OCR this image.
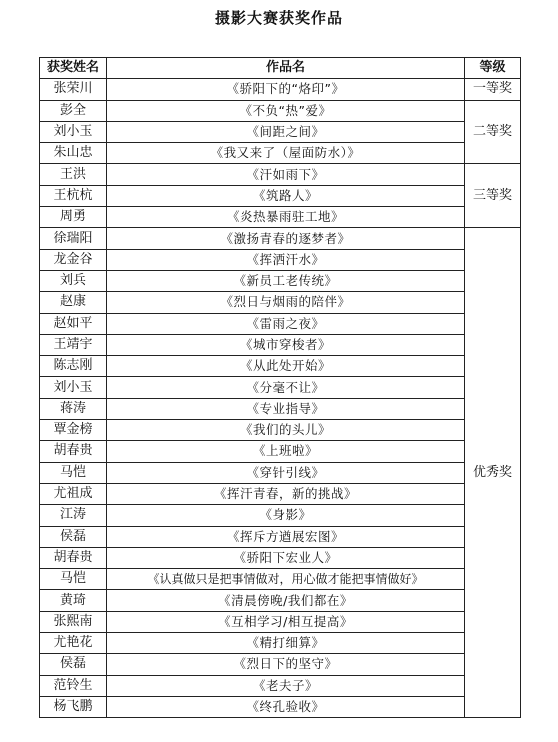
摄影大赛获奖作品
获奖姓名	作品名	等级
张荣川	《骄阳下的“烙印”》	一等奖
彭全	《不负“热”爱》	二等奖
刘小玉	《间距之间》	
朱山忠	《我又来了（屋面防水）》	
王洪	《汗如雨下》	三等奖
王杭杭	《筑路人》	
周勇	《炎热暴雨驻工地》	
徐瑞阳	《激扬青春的逐梦者》	优秀奖
龙金谷	《挥洒汗水》	
刘兵	《新员工老传统》	
赵康	《烈日与烟雨的陪伴》	
赵如平	《雷雨之夜》	
王靖宇	《城市穿梭者》	
陈志刚	《从此处开始》	
刘小玉	《分毫不让》	
蒋涛	《专业指导》	
覃金榜	《我们的头儿》	
胡春贵	《上班啦》	
马恺	《穿针引线》	
尤祖成	《挥汗青春，新的挑战》	
江涛	《身影》	
侯磊	《挥斥方遒展宏图》	
胡春贵	《骄阳下宏业人》	
马恺	《认真做只是把事情做对，用心做才能把事情做好》	
黄琦	《清晨傍晚/我们都在》	
张熙南	《互相学习/相互提高》	
尤艳花	《精打细算》	
侯磊	《烈日下的坚守》	
范铃生	《老夫子》	
杨飞鹏	《终孔验收》	
